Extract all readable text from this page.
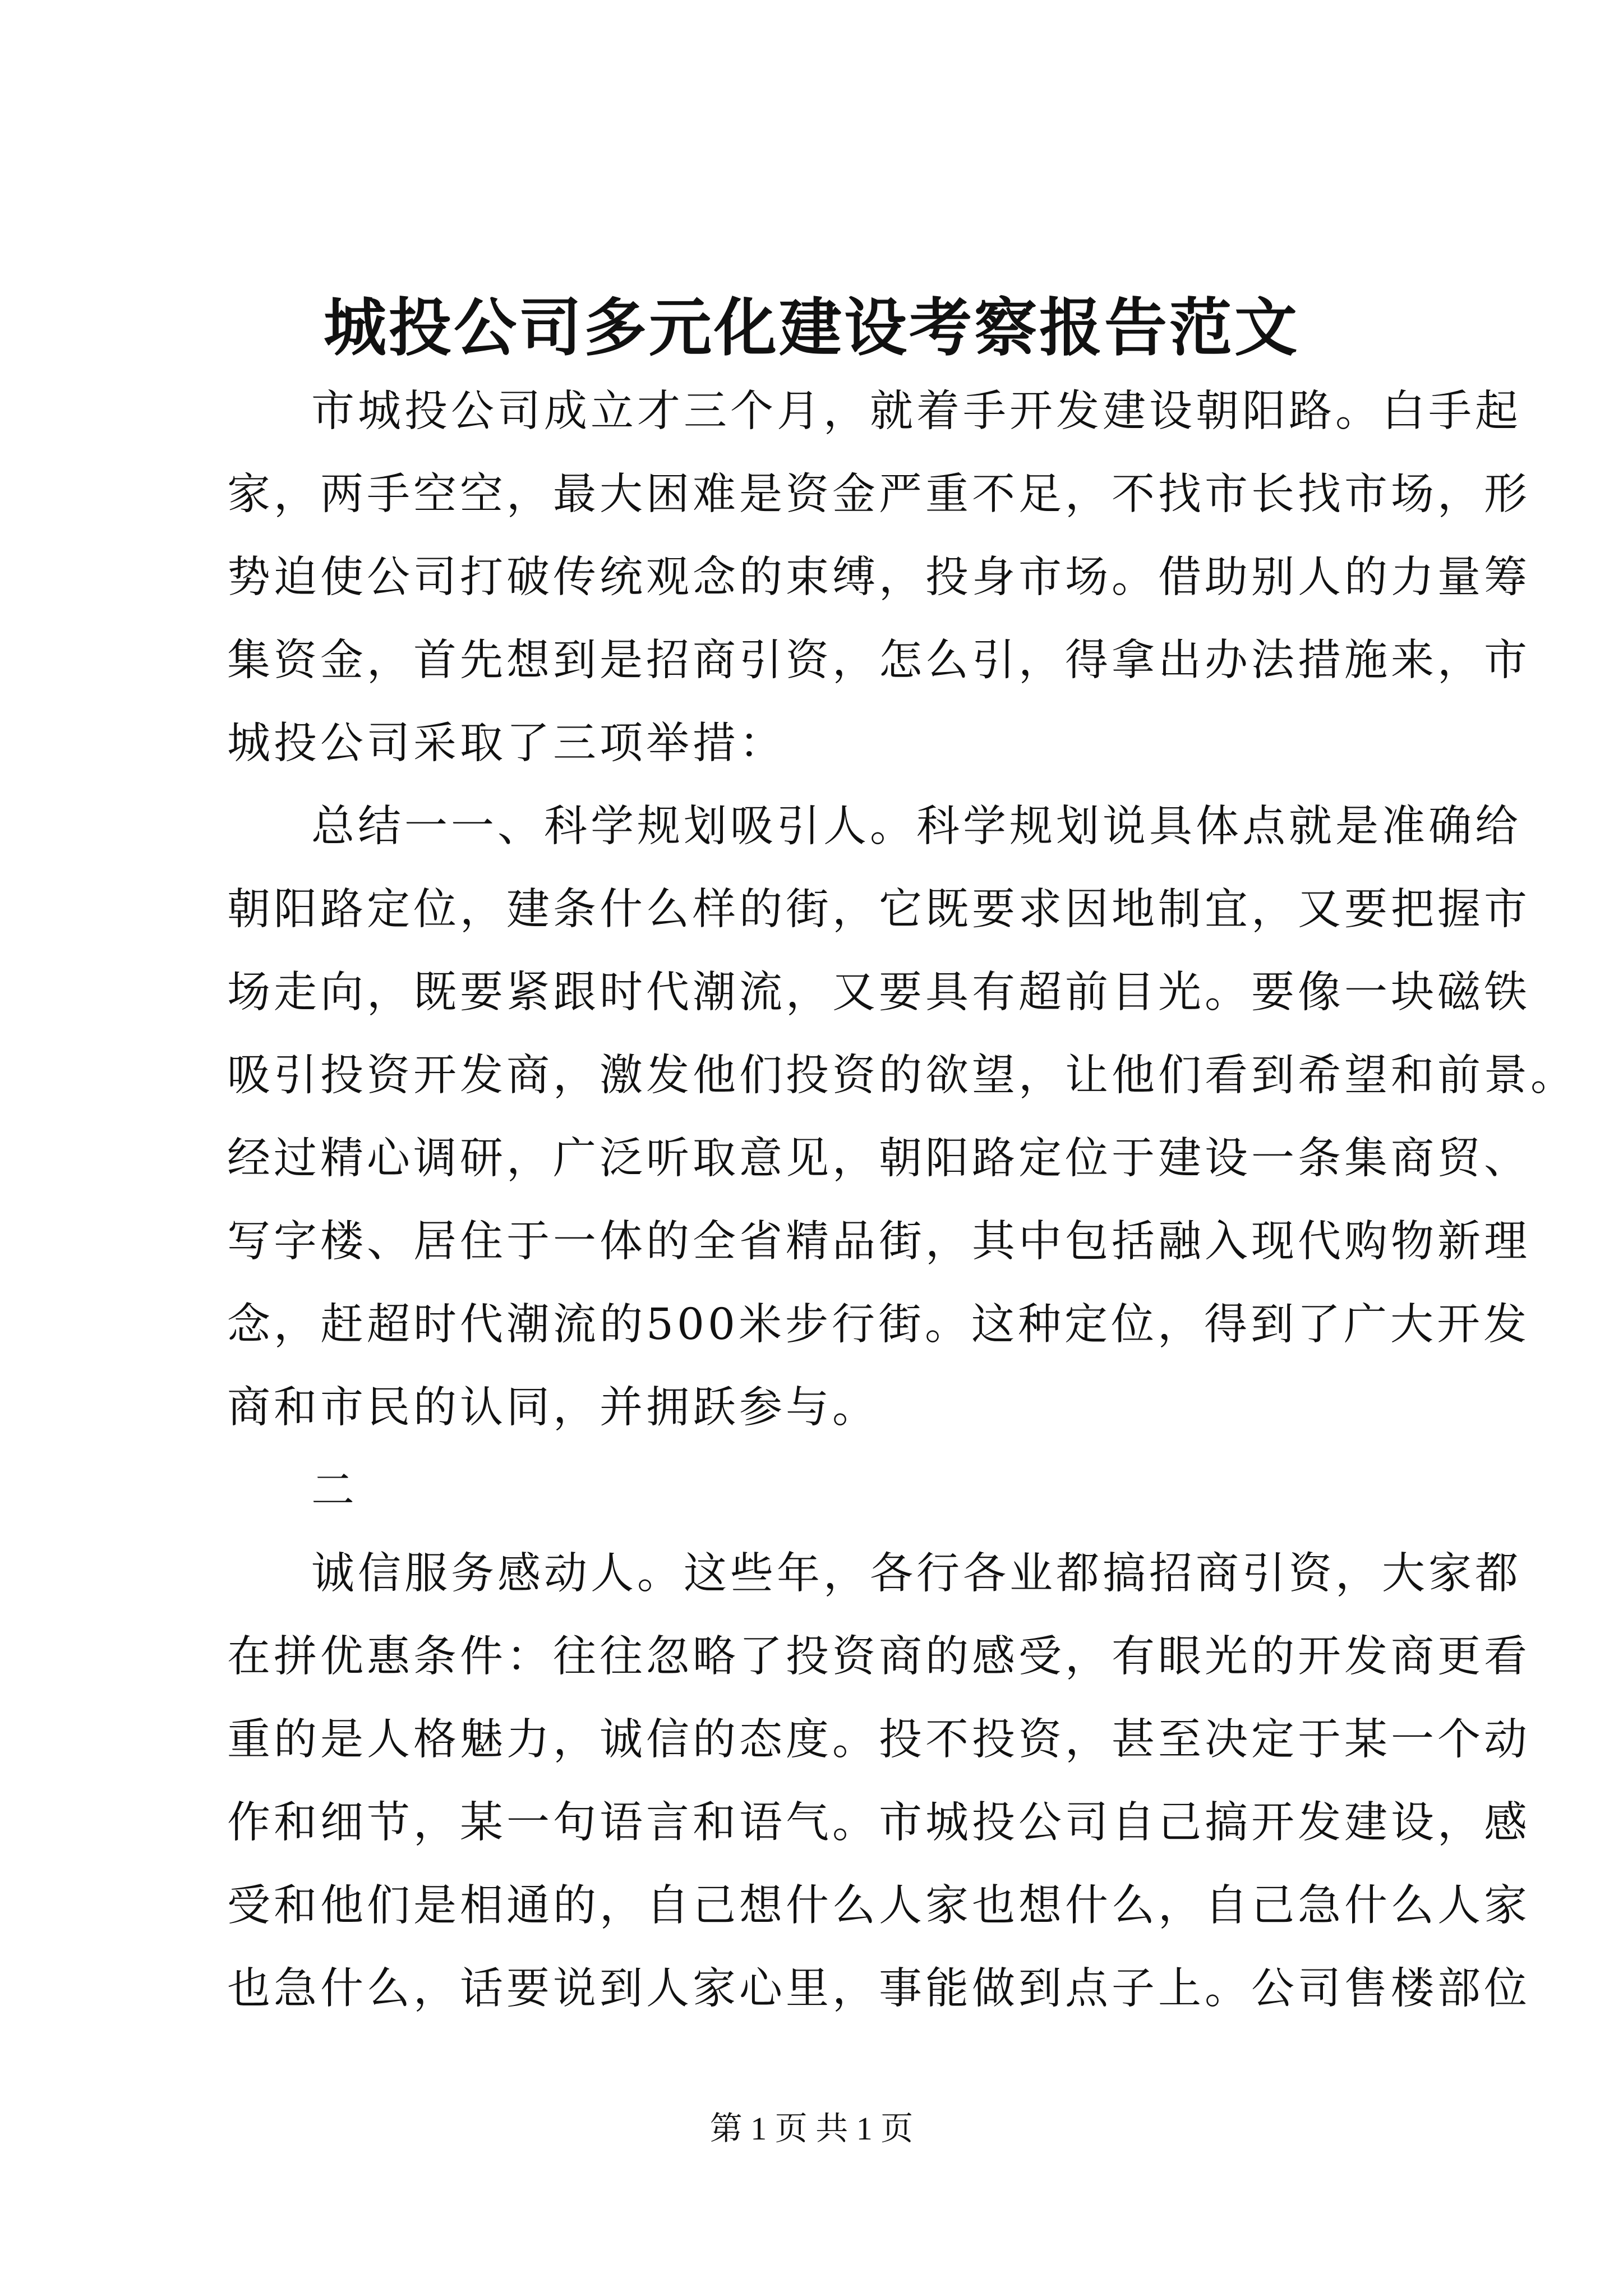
城投公司多元化建设考察报告范文
市城投公司成立才三个月，就着手开发建设朝阳路。白手起
家，两手空空，最大困难是资金严重不足，不找市长找市场，形
势迫使公司打破传统观念的束缚，投身市场。借助别人的力量筹
集资金，首先想到是招商引资，怎么引，得拿出办法措施来，市
城投公司采取了三项举措：
总结一一、科学规划吸引人。科学规划说具体点就是准确给
朝阳路定位，建条什么样的街，它既要求因地制宜，又要把握市
场走向，既要紧跟时代潮流，又要具有超前目光。要像一块磁铁
吸引投资开发商，激发他们投资的欲望，让他们看到希望和前景。
经过精心调研，广泛听取意见，朝阳路定位于建设一条集商贸、
写字楼、居住于一体的全省精品街，其中包括融入现代购物新理
念，赶超时代潮流的500米步行街。这种定位，得到了广大开发
商和市民的认同，并拥跃参与。
二
诚信服务感动人。这些年，各行各业都搞招商引资，大家都
在拼优惠条件：往往忽略了投资商的感受，有眼光的开发商更看
重的是人格魅力，诚信的态度。投不投资，甚至决定于某一个动
作和细节，某一句语言和语气。市城投公司自己搞开发建设，感
受和他们是相通的，自己想什么人家也想什么，自己急什么人家
也急什么，话要说到人家心里，事能做到点子上。公司售楼部位
第 1 页 共 1 页
